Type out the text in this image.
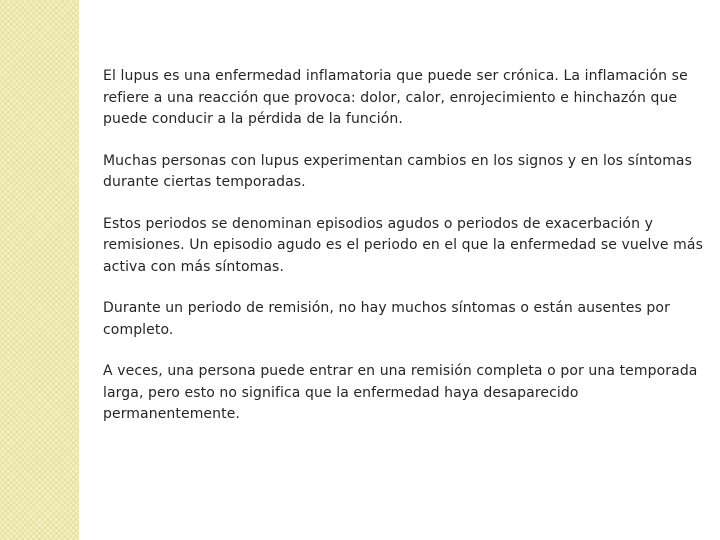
El lupus es una enfermedad inflamatoria que puede ser crónica. La inflamación se refiere a una reacción que provoca: dolor, calor, enrojecimiento e hinchazón que puede conducir a la pérdida de la función.

Muchas personas con lupus experimentan cambios en los signos y en los síntomas durante ciertas temporadas.

Estos periodos se denominan episodios agudos o periodos de exacerbación y remisiones. Un episodio agudo es el periodo en el que la enfermedad se vuelve más activa con más síntomas.

Durante un periodo de remisión, no hay muchos síntomas o están ausentes por completo.

A veces, una persona puede entrar en una remisión completa o por una temporada larga, pero esto no significa que la enfermedad haya desaparecido permanentemente.
